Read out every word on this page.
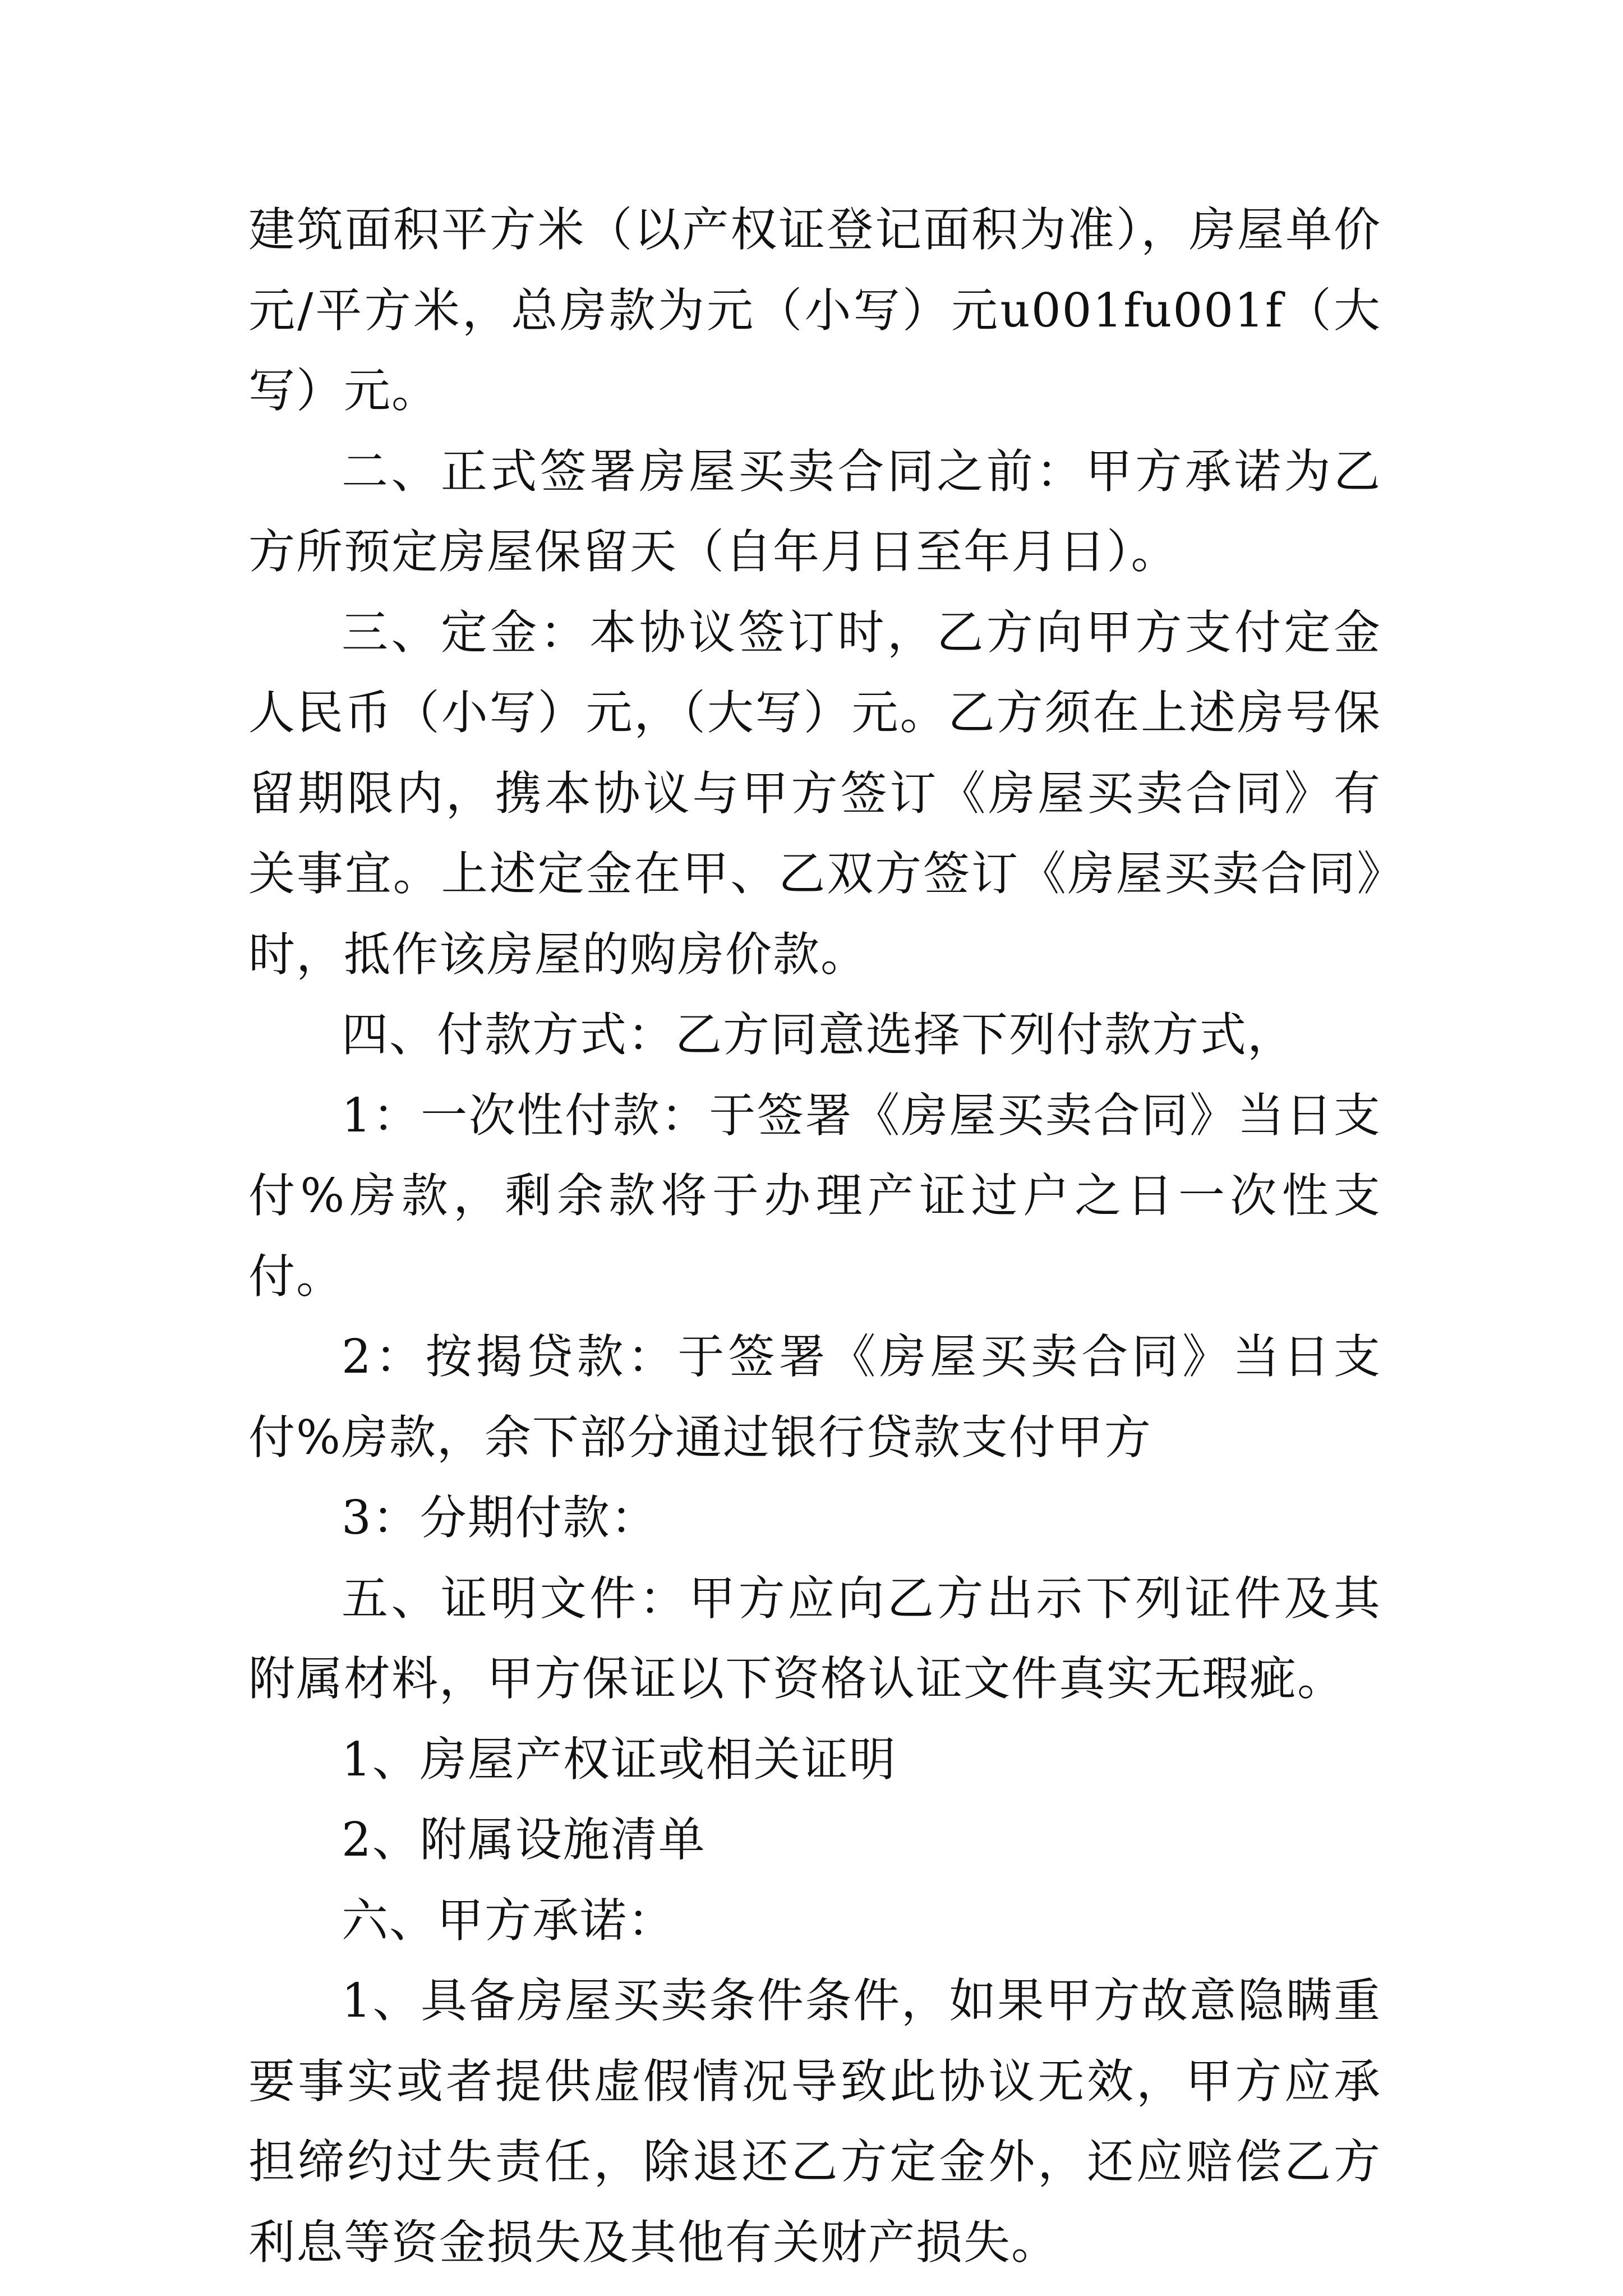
建筑面积平方米（以产权证登记面积为准），房屋单价元/平方米，总房款为元（小写）元u001fu001f（大写）元。

二、正式签署房屋买卖合同之前：甲方承诺为乙方所预定房屋保留天（自年月日至年月日）。

三、定金：本协议签订时，乙方向甲方支付定金人民币（小写）元，（大写）元。乙方须在上述房号保留期限内，携本协议与甲方签订《房屋买卖合同》有关事宜。上述定金在甲、乙双方签订《房屋买卖合同》时，抵作该房屋的购房价款。

四、付款方式：乙方同意选择下列付款方式，

1：一次性付款：于签署《房屋买卖合同》当日支付%房款，剩余款将于办理产证过户之日一次性支付。

2：按揭贷款：于签署《房屋买卖合同》当日支付%房款，余下部分通过银行贷款支付甲方

3：分期付款：

五、证明文件：甲方应向乙方出示下列证件及其附属材料，甲方保证以下资格认证文件真实无瑕疵。

1、房屋产权证或相关证明

2、附属设施清单

六、甲方承诺：

1、具备房屋买卖条件条件，如果甲方故意隐瞒重要事实或者提供虚假情况导致此协议无效，甲方应承担缔约过失责任，除退还乙方定金外，还应赔偿乙方利息等资金损失及其他有关财产损失。
